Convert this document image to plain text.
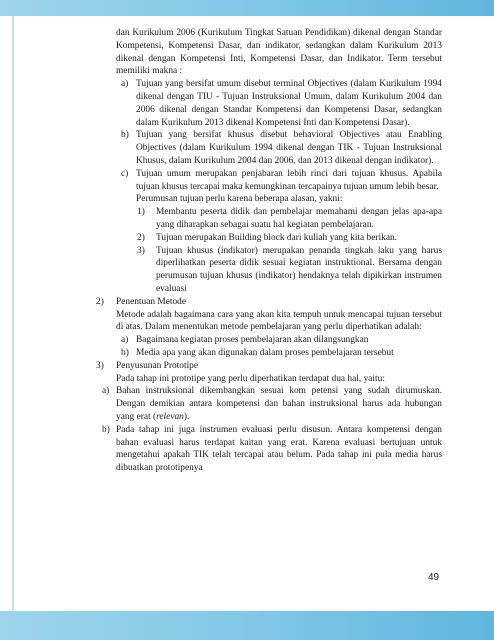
dan Kurikulum 2006 (Kurikulum Tingkat Satuan Pendidikan) dikenal dengan Standar Kompetensi, Kompetensi Dasar, dan indikator, sedangkan dalam Kurikulum 2013 dikenal dengan Kompetensi Inti, Kompetensi Dasar, dan Indikator. Term tersebut memiliki makna :

a) Tujuan yang bersifat umum disebut terminal Objectives (dalam Kurikulum 1994 dikenal dengan TIU - Tujuan Instruksional Umum, dalam Kurikulum 2004 dan 2006 dikenal dengan Standar Kompetensi dan Kompetensi Dasar, sedangkan dalam Kurikulum 2013 dikenal Kompetensi Inti dan Kompetensi Dasar).
b) Tujuan yang bersifat khusus disebut behavioral Objectives atau Enabling Objectives (dalam Kurikulum 1994 dikenal dengan TIK - Tujuan Instruksional Khusus, dalam Kurikulum 2004 dan 2006, dan 2013 dikenal dengan indikator).
c) Tujuan umum merupakan penjabaran lebih rinci dari tujuan khusus. Apabila tujuan khusus tercapai maka kemungkinan tercapainya tujuan umum lebih besar.

Perumusan tujuan perlu karena beberapa alasan, yakni:

1) Membantu peserta didik dan pembelajar memahami dengan jelas apa-apa yang diharapkan sebagai suatu hal kegiatan pembelajaran.
2) Tujuan merupakan Building block dari kuliah yang kita berikan.
3) Tujuan khusus (indikator) merupakan penanda tingkah laku yang harus diperlihatkan peserta didik sesuai kegiatan instruktional. Bersama dengan perumusan tujuan khusus (indikator) hendaknya telah dipikirkan instrumen evaluasi
2) Penentuan Metode

Metode adalah bagaimana cara yang akan kita tempuh untuk mencapai tujuan tersebut di atas. Dalam menentukan metode pembelajaran yang perlu diperhatikan adalah:

a) Bagaimana kegiatan proses pembelajaran akan dilangsungkan
b) Media apa yang akan digunakan dalam proses pembelajaran tersebut
3) Penyusunan Prototipe

Pada tahap ini prototipe yang perlu diperhatikan terdapat dua hal, yaitu:

a) Bahan instruksional dikembangkan sesuai kom petensi yang sudah dirumuskan. Dengan demikian antara kompetensi dan bahan instruksional harus ada hubungan yang erat (relevan).
b) Pada tahap ini juga instrumen evaluasi perlu disusun. Antara kompetensi dengan bahan evaluasi harus terdapat kaitan yang erat. Karena evaluasi bertujuan untuk mengetahui apakah TIK telah tercapai atau belum. Pada tahap ini pula media harus dibuatkan prototipenya
49
